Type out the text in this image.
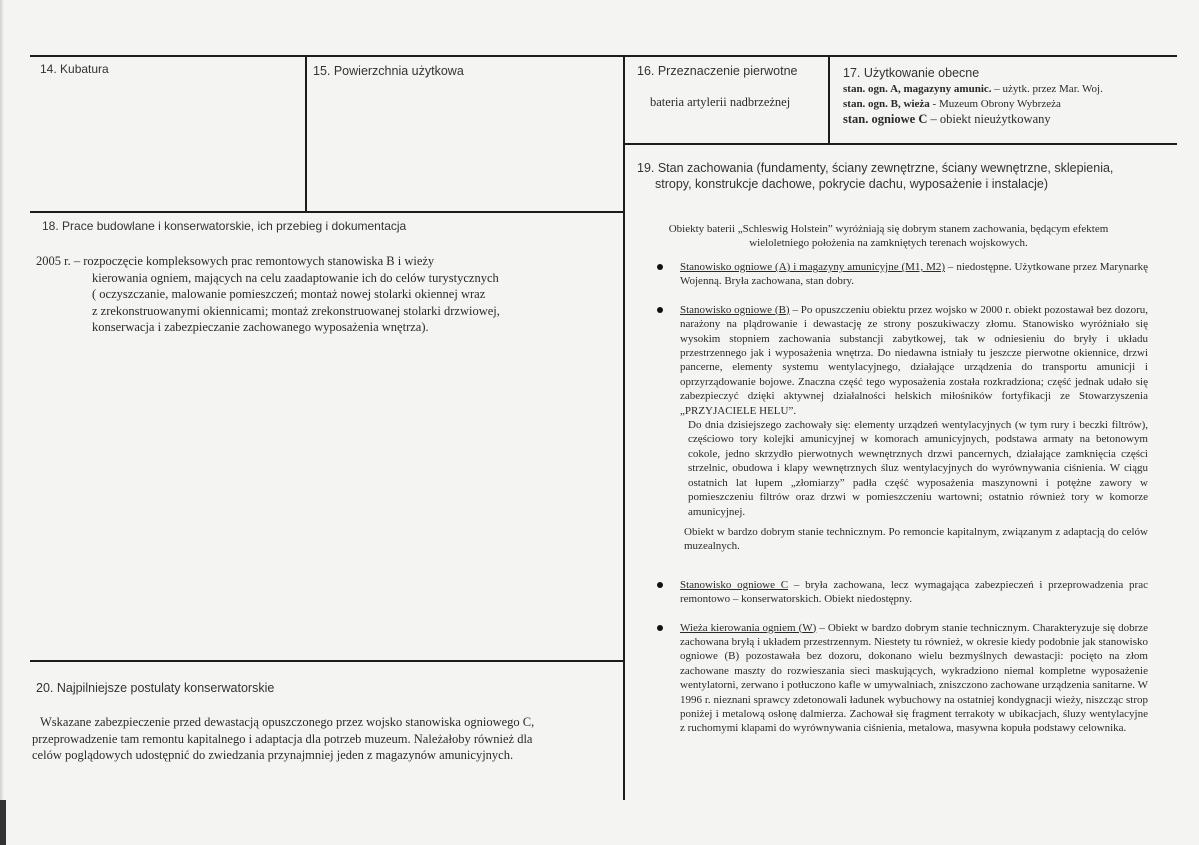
14. Kubatura	15. Powierzchnia użytkowa	16. Przeznaczenie pierwotne
bateria artylerii nadbrzeżnej
17. Użytkowanie obecne
stan. ogn. A, magazyny amunic. – użytk. przez Mar. Woj.
stan. ogn. B, wieża - Muzeum Obrony Wybrzeża
stan. ogniowe C – obiekt nieużytkowany
18. Prace budowlane i konserwatorskie, ich przebieg i dokumentacja
2005 r. – rozpoczęcie kompleksowych prac remontowych stanowiska B i wieży
kierowania ogniem, mających na celu zaadaptowanie ich do celów turystycznych
( oczyszczanie, malowanie pomieszczeń; montaż nowej stolarki okiennej wraz
z zrekonstruowanymi okiennicami; montaż zrekonstruowanej stolarki drzwiowej,
konserwacja i zabezpieczanie zachowanego wyposażenia wnętrza).
19. Stan zachowania (fundamenty, ściany zewnętrzne, ściany wewnętrzne, sklepienia,
stropy, konstrukcje dachowe, pokrycie dachu, wyposażenie i instalacje)
Obiekty baterii „Schleswig Holstein” wyróżniają się dobrym stanem zachowania, będącym efektem wieloletniego położenia na zamkniętych terenach wojskowych.
Stanowisko ogniowe (A) i magazyny amunicyjne (M1, M2) – niedostępne. Użytkowane przez Marynarkę Wojenną. Bryła zachowana, stan dobry.

Stanowisko ogniowe (B) – Po opuszczeniu obiektu przez wojsko w 2000 r. obiekt pozostawał bez dozoru, narażony na plądrowanie i dewastację ze strony poszukiwaczy złomu. Stanowisko wyróżniało się wysokim stopniem zachowania substancji zabytkowej, tak w odniesieniu do bryły i układu przestrzennego jak i wyposażenia wnętrza. Do niedawna istniały tu jeszcze pierwotne okiennice, drzwi pancerne, elementy systemu wentylacyjnego, działające urządzenia do transportu amunicji i oprzyrządowanie bojowe. Znaczna część tego wyposażenia została rozkradziona; część jednak udało się zabezpieczyć dzięki aktywnej działalności helskich miłośników fortyfikacji ze Stowarzyszenia „PRZYJACIELE HELU”.

Do dnia dzisiejszego zachowały się: elementy urządzeń wentylacyjnych (w tym rury i beczki filtrów), częściowo tory kolejki amunicyjnej w komorach amunicyjnych, podstawa armaty na betonowym cokole, jedno skrzydło pierwotnych wewnętrznych drzwi pancernych, działające zamknięcia części strzelnic, obudowa i klapy wewnętrznych śluz wentylacyjnych do wyrównywania ciśnienia. W ciągu ostatnich lat łupem „złomiarzy” padła część wyposażenia maszynowni i potężne zawory w pomieszczeniu filtrów oraz drzwi w pomieszczeniu wartowni; ostatnio również tory w komorze amunicyjnej.

Obiekt w bardzo dobrym stanie technicznym. Po remoncie kapitalnym, związanym z adaptacją do celów muzealnych.

Stanowisko ogniowe C – bryła zachowana, lecz wymagająca zabezpieczeń i przeprowadzenia prac remontowo – konserwatorskich. Obiekt niedostępny.
Wieża kierowania ogniem (W) – Obiekt w bardzo dobrym stanie technicznym. Charakteryzuje się dobrze zachowana bryłą i układem przestrzennym. Niestety tu również, w okresie kiedy podobnie jak stanowisko ogniowe (B) pozostawała bez dozoru, dokonano wielu bezmyślnych dewastacji: pocięto na złom zachowane maszty do rozwieszania sieci maskujących, wykradziono niemal kompletne wyposażenie wentylatorni, zerwano i potłuczono kafle w umywalniach, zniszczono zachowane urządzenia sanitarne. W 1996 r. nieznani sprawcy zdetonowali ładunek wybuchowy na ostatniej kondygnacji wieży, niszcząc strop poniżej i metalową osłonę dalmierza. Zachował się fragment terrakoty w ubikacjach, śluzy wentylacyjne z ruchomymi klapami do wyrównywania ciśnienia, metalowa, masywna kopuła podstawy celownika.
20. Najpilniejsze postulaty konserwatorskie
Wskazane zabezpieczenie przed dewastacją opuszczonego przez wojsko stanowiska ogniowego C,
przeprowadzenie tam remontu kapitalnego i adaptacja dla potrzeb muzeum. Należałoby również dla
celów poglądowych udostępnić do zwiedzania przynajmniej jeden z magazynów amunicyjnych.
